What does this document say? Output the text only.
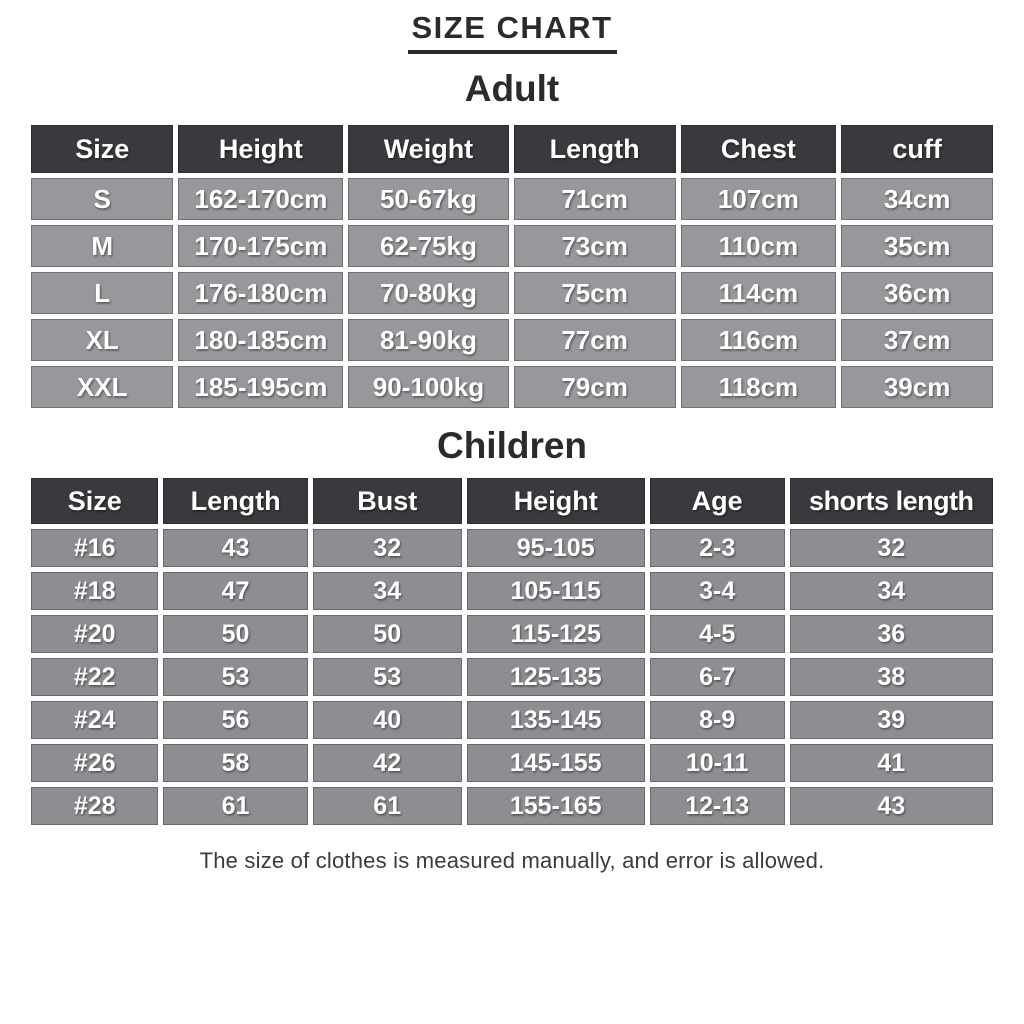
SIZE CHART
Adult
Size	Height	Weight	Length	Chest	cuff
S	162-170cm	50-67kg	71cm	107cm	34cm
M	170-175cm	62-75kg	73cm	110cm	35cm
L	176-180cm	70-80kg	75cm	114cm	36cm
XL	180-185cm	81-90kg	77cm	116cm	37cm
XXL	185-195cm	90-100kg	79cm	118cm	39cm
Children
Size	Length	Bust	Height	Age	shorts length
#16	43	32	95-105	2-3	32
#18	47	34	105-115	3-4	34
#20	50	50	115-125	4-5	36
#22	53	53	125-135	6-7	38
#24	56	40	135-145	8-9	39
#26	58	42	145-155	10-11	41
#28	61	61	155-165	12-13	43
The size of clothes is measured manually, and error is allowed.
